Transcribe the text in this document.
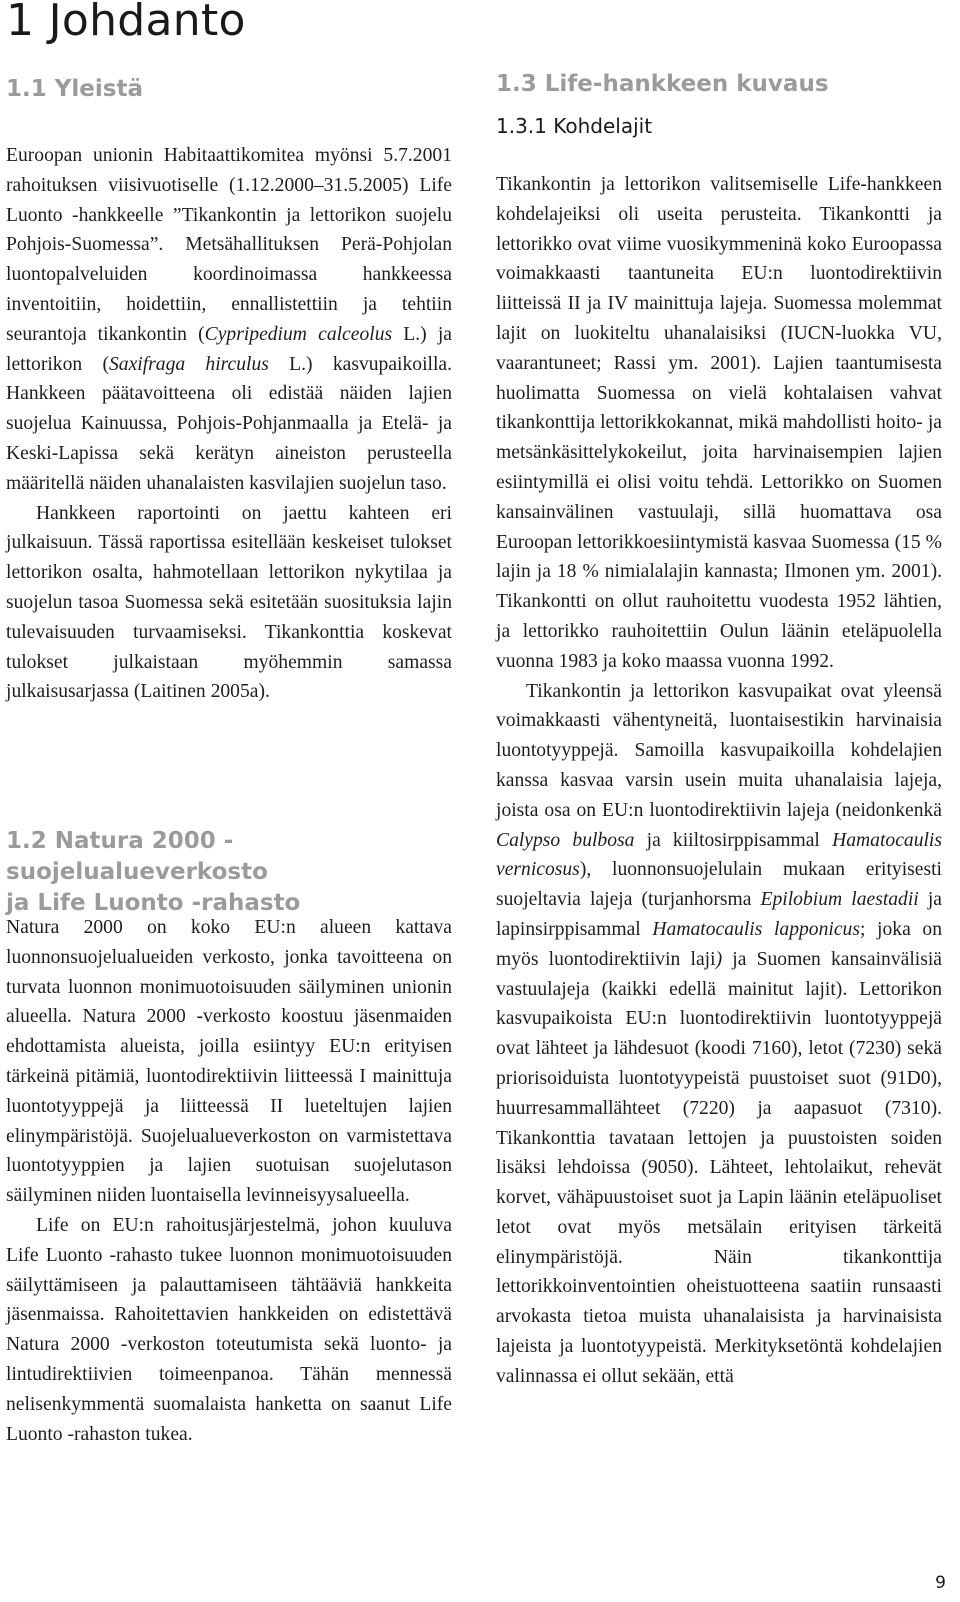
1 Johdanto
1.1 Yleistä

Euroopan unionin Habitaattikomitea myönsi 5.7.2001 rahoituksen viisivuotiselle (1.12.2000–31.5.2005) Life Luonto -hankkeelle ”Tikankontin ja lettorikon suojelu Pohjois-Suomessa”. Metsähallituksen Perä-Pohjolan luontopalveluiden koordinoimassa hankkeessa inventoitiin, hoidettiin, ennallistettiin ja tehtiin seurantoja tikankontin (Cypripedium calceolus L.) ja lettorikon (Saxifraga hirculus L.) kasvupaikoilla. Hankkeen päätavoitteena oli edistää näiden lajien suojelua Kainuussa, Pohjois-Pohjanmaalla ja Etelä- ja Keski-Lapissa sekä kerätyn aineiston perusteella määritellä näiden uhanalaisten kasvilajien suojelun taso.

Hankkeen raportointi on jaettu kahteen eri julkaisuun. Tässä raportissa esitellään keskeiset tulokset lettorikon osalta, hahmotellaan lettorikon nykytilaa ja suojelun tasoa Suomessa sekä esitetään suosituksia lajin tulevaisuuden turvaamiseksi. Tikankonttia koskevat tulokset julkaistaan myöhemmin samassa julkaisusarjassa (Laitinen 2005a).

1.2 Natura 2000 -suojelualueverkosto
ja Life Luonto -rahasto

Natura 2000 on koko EU:n alueen kattava luonnonsuojelualueiden verkosto, jonka tavoitteena on turvata luonnon monimuotoisuuden säilyminen unionin alueella. Natura 2000 -verkosto koostuu jäsenmaiden ehdottamista alueista, joilla esiintyy EU:n erityisen tärkeinä pitämiä, luontodirektiivin liitteessä I mainittuja luontotyyppejä ja liitteessä II lueteltujen lajien elinympäristöjä. Suojelualueverkoston on varmistettava luontotyyppien ja lajien suotuisan suojelutason säilyminen niiden luontaisella levinneisyysalueella.

Life on EU:n rahoitusjärjestelmä, johon kuuluva Life Luonto -rahasto tukee luonnon monimuotoisuuden säilyttämiseen ja palauttamiseen tähtääviä hankkeita jäsenmaissa. Rahoitettavien hankkeiden on edistettävä Natura 2000 -verkoston toteutumista sekä luonto- ja lintudirektiivien toimeenpanoa. Tähän mennessä nelisenkymmentä suomalaista hanketta on saanut Life Luonto -rahaston tukea.

1.3 Life-hankkeen kuvaus
1.3.1 Kohdelajit

Tikankontin ja lettorikon valitsemiselle Life-hankkeen kohdelajeiksi oli useita perusteita. Tikankontti ja lettorikko ovat viime vuosikymmeninä koko Euroopassa voimakkaasti taantuneita EU:n luontodirektiivin liitteissä II ja IV mainittuja lajeja. Suomessa molemmat lajit on luokiteltu uhanalaisiksi (IUCN-luokka VU, vaarantuneet; Rassi ym. 2001). Lajien taantumisesta huolimatta Suomessa on vielä kohtalaisen vahvat tikankonttija lettorikkokannat, mikä mahdollisti hoito- ja metsänkäsittelykokeilut, joita harvinaisempien lajien esiintymillä ei olisi voitu tehdä. Lettorikko on Suomen kansainvälinen vastuulaji, sillä huomattava osa Euroopan lettorikkoesiintymistä kasvaa Suomessa (15 % lajin ja 18 % nimialalajin kannasta; Ilmonen ym. 2001). Tikankontti on ollut rauhoitettu vuodesta 1952 lähtien, ja lettorikko rauhoitettiin Oulun läänin eteläpuolella vuonna 1983 ja koko maassa vuonna 1992.

Tikankontin ja lettorikon kasvupaikat ovat yleensä voimakkaasti vähentyneitä, luontaisestikin harvinaisia luontotyyppejä. Samoilla kasvupaikoilla kohdelajien kanssa kasvaa varsin usein muita uhanalaisia lajeja, joista osa on EU:n luontodirektiivin lajeja (neidonkenkä Calypso bulbosa ja kiiltosirppisammal Hamatocaulis vernicosus), luonnonsuojelulain mukaan erityisesti suojeltavia lajeja (turjanhorsma Epilobium laestadii ja lapinsirppisammal Hamatocaulis lapponicus; joka on myös luontodirektiivin laji) ja Suomen kansainvälisiä vastuulajeja (kaikki edellä mainitut lajit). Lettorikon kasvupaikoista EU:n luontodirektiivin luontotyyppejä ovat lähteet ja lähdesuot (koodi 7160), letot (7230) sekä priorisoiduista luontotyypeistä puustoiset suot (91D0), huurresammallähteet (7220) ja aapasuot (7310). Tikankonttia tavataan lettojen ja puustoisten soiden lisäksi lehdoissa (9050). Lähteet, lehtolaikut, rehevät korvet, vähäpuustoiset suot ja Lapin läänin eteläpuoliset letot ovat myös metsälain erityisen tärkeitä elinympäristöjä. Näin tikankonttija lettorikkoinventointien oheistuotteena saatiin runsaasti arvokasta tietoa muista uhanalaisista ja harvinaisista lajeista ja luontotyypeistä. Merkityksetöntä kohdelajien valinnassa ei ollut sekään, että

9
